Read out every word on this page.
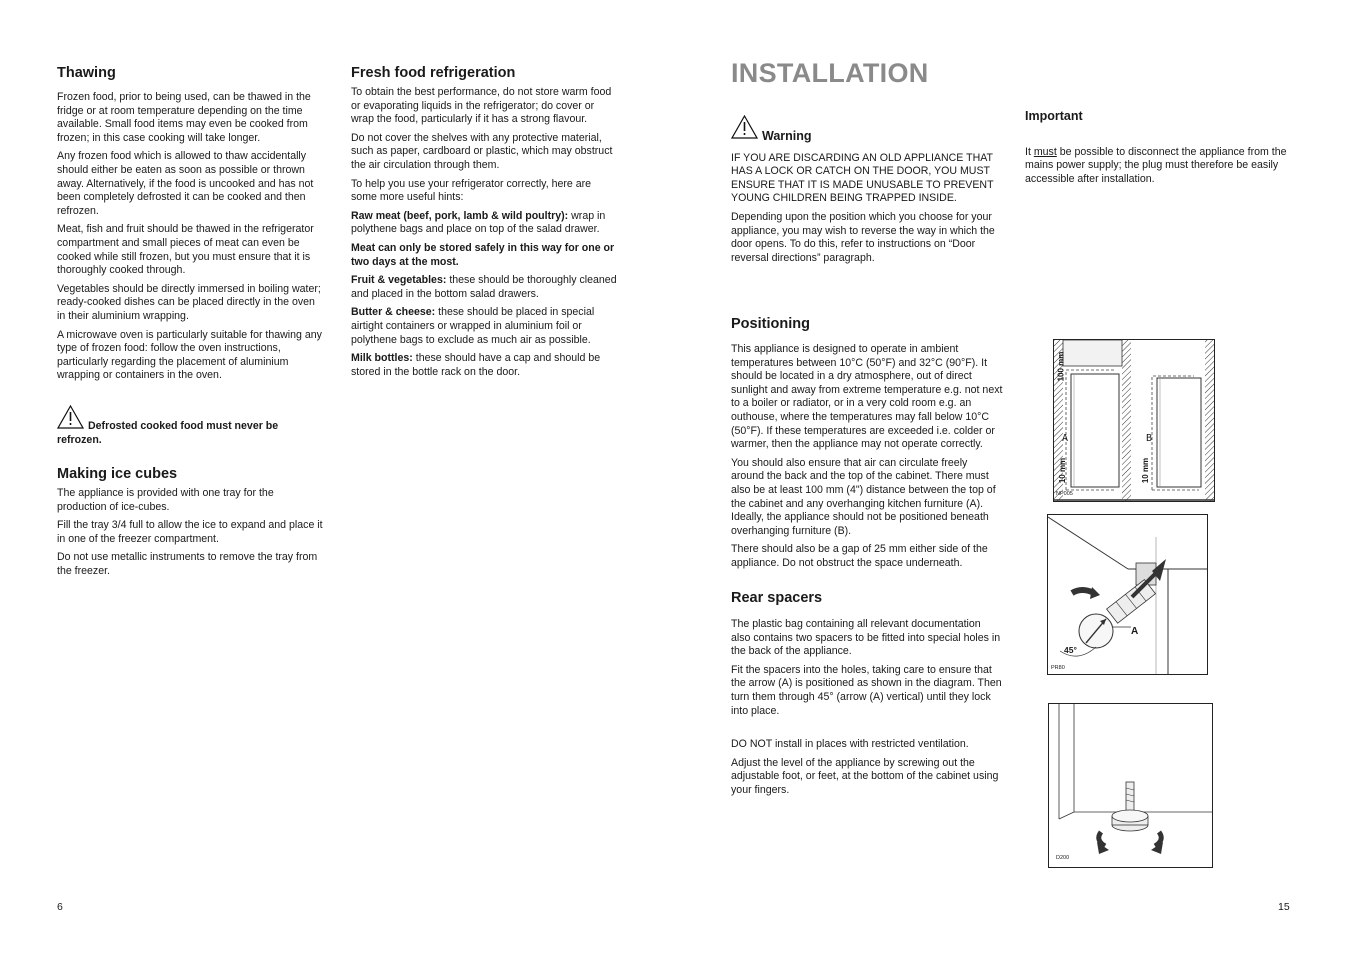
Thawing

Frozen food, prior to being used, can be thawed in the fridge or at room temperature depending on the time available. Small food items may even be cooked from frozen; in this case cooking will take longer.

Any frozen food which is allowed to thaw accidentally should either be eaten as soon as possible or thrown away. Alternatively, if the food is uncooked and has not been completely defrosted it can be cooked and then refrozen.

Meat, fish and fruit should be thawed in the refrigerator compartment and small pieces of meat can even be cooked while still frozen, but you must ensure that it is thoroughly cooked through.

Vegetables should be directly immersed in boiling water; ready-cooked dishes can be placed directly in the oven in their aluminium wrapping.

A microwave oven is particularly suitable for thawing any type of frozen food: follow the oven instructions, particularly regarding the placement of aluminium wrapping or containers in the oven.

Defrosted cooked food must never be refrozen.
Making ice cubes

The appliance is provided with one tray for the production of ice-cubes.

Fill the tray 3/4 full to allow the ice to expand and place it in one of the freezer compartment.

Do not use metallic instruments to remove the tray from the freezer.

Fresh food refrigeration

To obtain the best performance, do not store warm food or evaporating liquids in the refrigerator; do cover or wrap the food, particularly if it has a strong flavour.

Do not cover the shelves with any protective material, such as paper, cardboard or plastic, which may obstruct the air circulation through them.

To help you use your refrigerator correctly, here are some more useful hints:

Raw meat (beef, pork, lamb & wild poultry): wrap in polythene bags and place on top of the salad drawer.

Meat can only be stored safely in this way for one or two days at the most.

Fruit & vegetables: these should be thoroughly cleaned and placed in the bottom salad drawers.

Butter & cheese: these should be placed in special airtight containers or wrapped in aluminium foil or polythene bags to exclude as much air as possible.

Milk bottles: these should have a cap and should be stored in the bottle rack on the door.

6
INSTALLATION
Warning

IF YOU ARE DISCARDING AN OLD APPLIANCE THAT HAS A LOCK OR CATCH ON THE DOOR, YOU MUST ENSURE THAT IT IS MADE UNUSABLE TO PREVENT YOUNG CHILDREN BEING TRAPPED INSIDE.

Depending upon the position which you choose for your appliance, you may wish to reverse the way in which the door opens. To do this, refer to instructions on “Door reversal directions” paragraph.

Important

It must be possible to disconnect the appliance from the mains power supply; the plug must therefore be easily accessible after installation.

Positioning

This appliance is designed to operate in ambient temperatures between 10°C (50°F) and 32°C (90°F). It should be located in a dry atmosphere, out of direct sunlight and away from extreme temperature e.g. not next to a boiler or radiator, or in a very cold room e.g. an outhouse, where the temperatures may fall below 10°C (50°F). If these temperatures are exceeded i.e. colder or warmer, then the appliance may not operate correctly.

You should also ensure that air can circulate freely around the back and the top of the cabinet. There must also be at least 100 mm (4") distance between the top of the cabinet and any overhanging kitchen furniture (A). Ideally, the appliance should not be positioned beneath overhanging furniture (B).

There should also be a gap of 25 mm either side of the appliance. Do not obstruct the space underneath.

Rear spacers

The plastic bag containing all relevant documentation also contains two spacers to be fitted into special holes in the back of the appliance.

Fit the spacers into the holes, taking care to ensure that the arrow (A) is positioned as shown in the diagram. Then turn them through 45° (arrow (A) vertical) until they lock into place.

DO NOT install in places with restricted ventilation.

Adjust the level of the appliance by screwing out the adjustable foot, or feet, at the bottom of the cabinet using your fingers.

100 mm
10 mm	10 mm
A	B
NP005
A
45°
PR80
D200
15
